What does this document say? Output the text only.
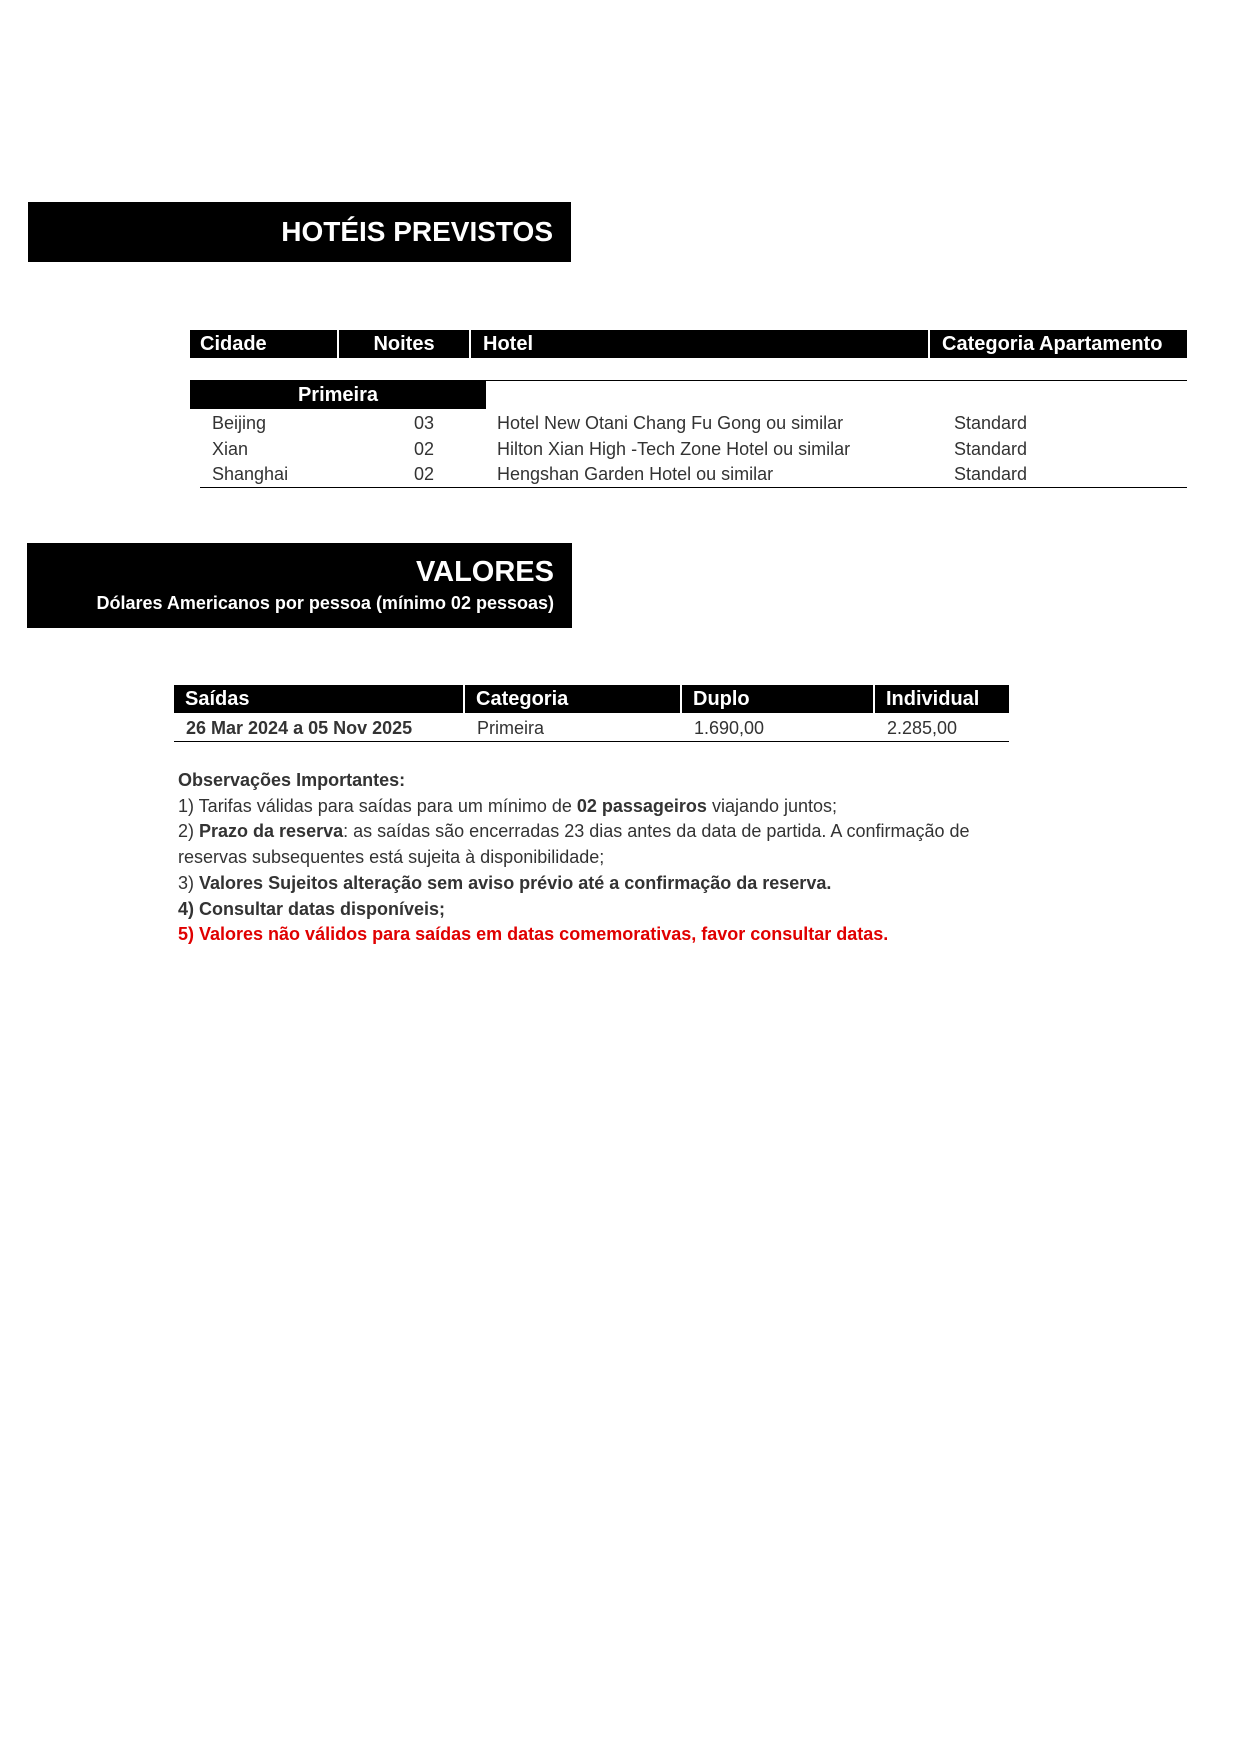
HOTÉIS PREVISTOS
Cidade	Noites	Hotel	Categoria Apartamento
Primeira
Beijing	03	Hotel New Otani Chang Fu Gong ou similar	Standard
Xian	02	Hilton Xian High -Tech Zone Hotel ou similar	Standard
Shanghai	02	Hengshan Garden Hotel ou similar	Standard
VALORES
Dólares Americanos por pessoa (mínimo 02 pessoas)
Saídas	Categoria	Duplo	Individual
26 Mar 2024 a 05 Nov 2025	Primeira	1.690,00	2.285,00

Observações Importantes:

1) Tarifas válidas para saídas para um mínimo de 02 passageiros viajando juntos;

2) Prazo da reserva: as saídas são encerradas 23 dias antes da data de partida. A confirmação de reservas subsequentes está sujeita à disponibilidade;

3) Valores Sujeitos alteração sem aviso prévio até a confirmação da reserva.

4) Consultar datas disponíveis;

5) Valores não válidos para saídas em datas comemorativas, favor consultar datas.
